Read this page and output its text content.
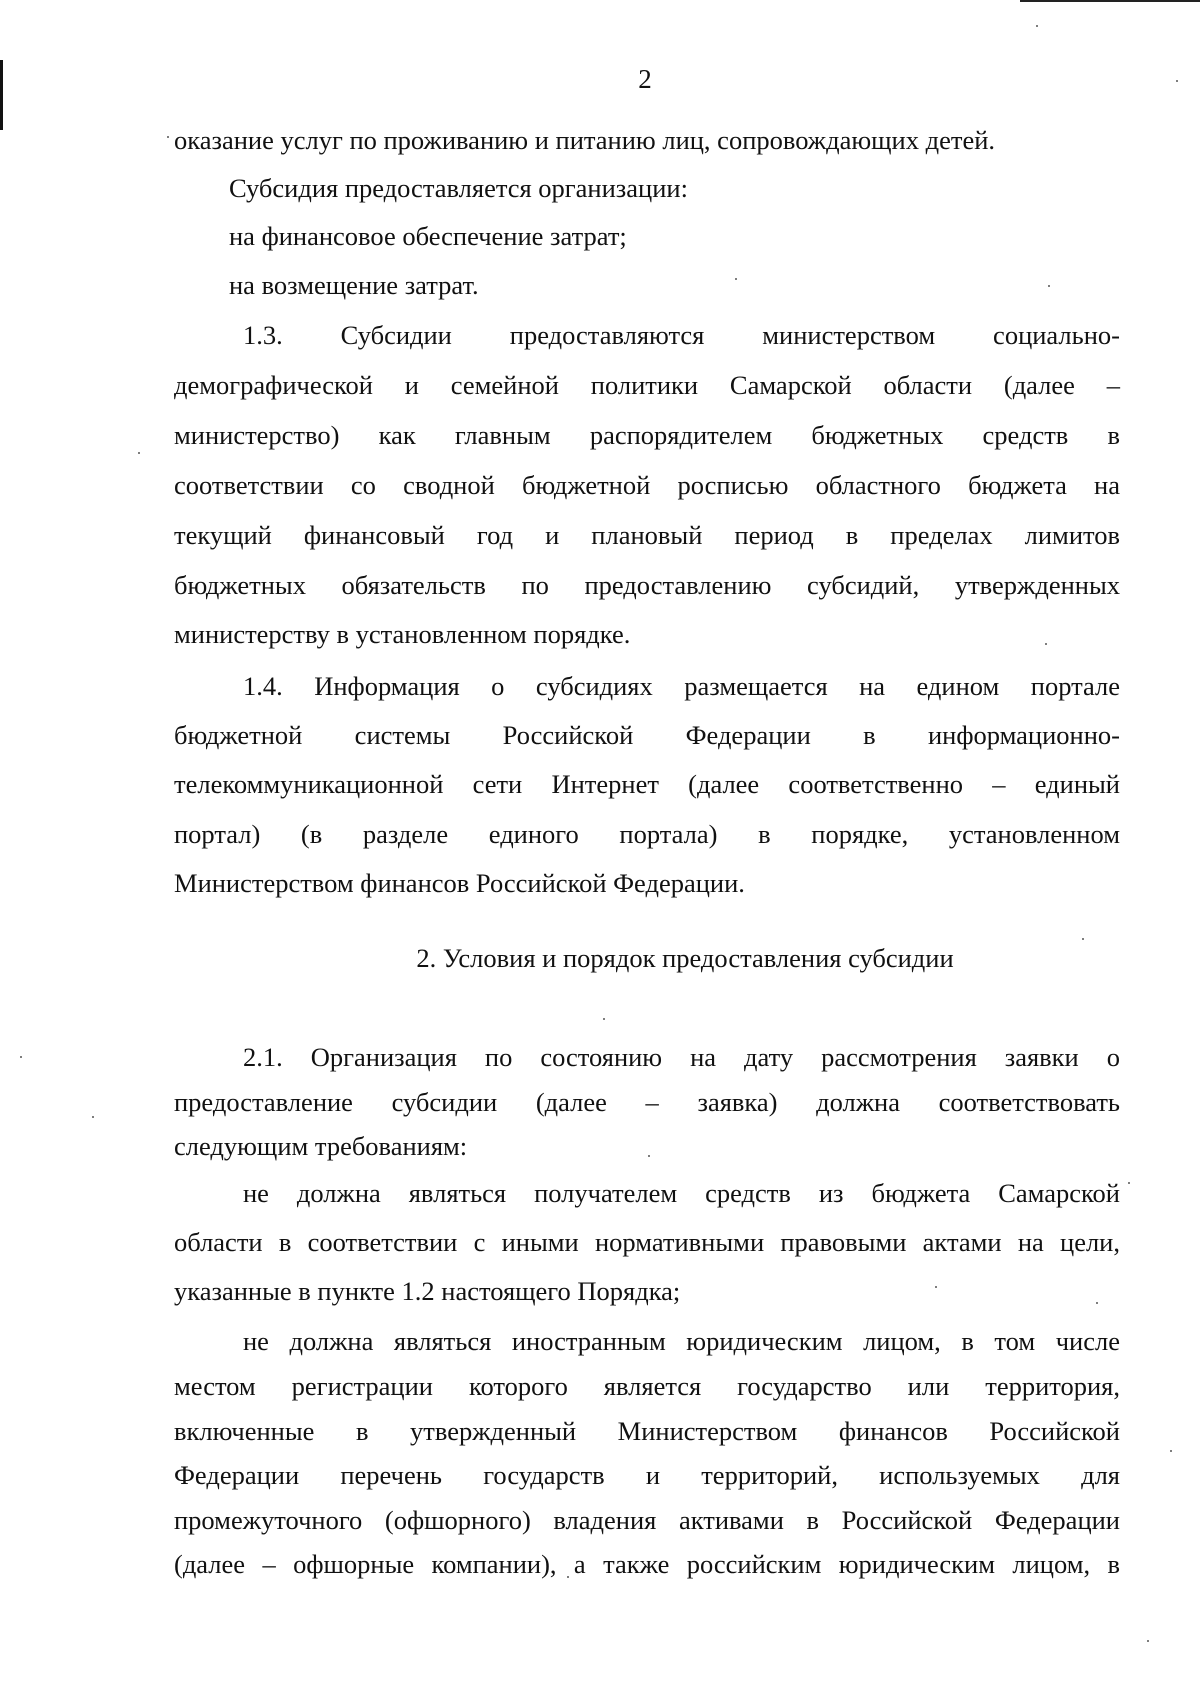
2
оказание услуг по проживанию и питанию лиц, сопровождающих детей.
Субсидия предоставляется организации:
на финансовое обеспечение затрат;
на возмещение затрат.
1.3. Субсидии предоставляются министерством социально-
демографической и семейной политики Самарской области (далее –
министерство) как главным распорядителем бюджетных средств в
соответствии со сводной бюджетной росписью областного бюджета на
текущий финансовый год и плановый период в пределах лимитов
бюджетных обязательств по предоставлению субсидий, утвержденных
министерству в установленном порядке.
1.4. Информация о субсидиях размещается на едином портале
бюджетной системы Российской Федерации в информационно-
телекоммуникационной сети Интернет (далее соответственно – единый
портал) (в разделе единого портала) в порядке, установленном
Министерством финансов Российской Федерации.
2. Условия и порядок предоставления субсидии
2.1. Организация по состоянию на дату рассмотрения заявки о
предоставление субсидии (далее – заявка) должна соответствовать
следующим требованиям:
не должна являться получателем средств из бюджета Самарской
области в соответствии с иными нормативными правовыми актами на цели,
указанные в пункте 1.2 настоящего Порядка;
не должна являться иностранным юридическим лицом, в том числе
местом регистрации которого является государство или территория,
включенные в утвержденный Министерством финансов Российской
Федерации перечень государств и территорий, используемых для
промежуточного (офшорного) владения активами в Российской Федерации
(далее – офшорные компании), а также российским юридическим лицом, в
